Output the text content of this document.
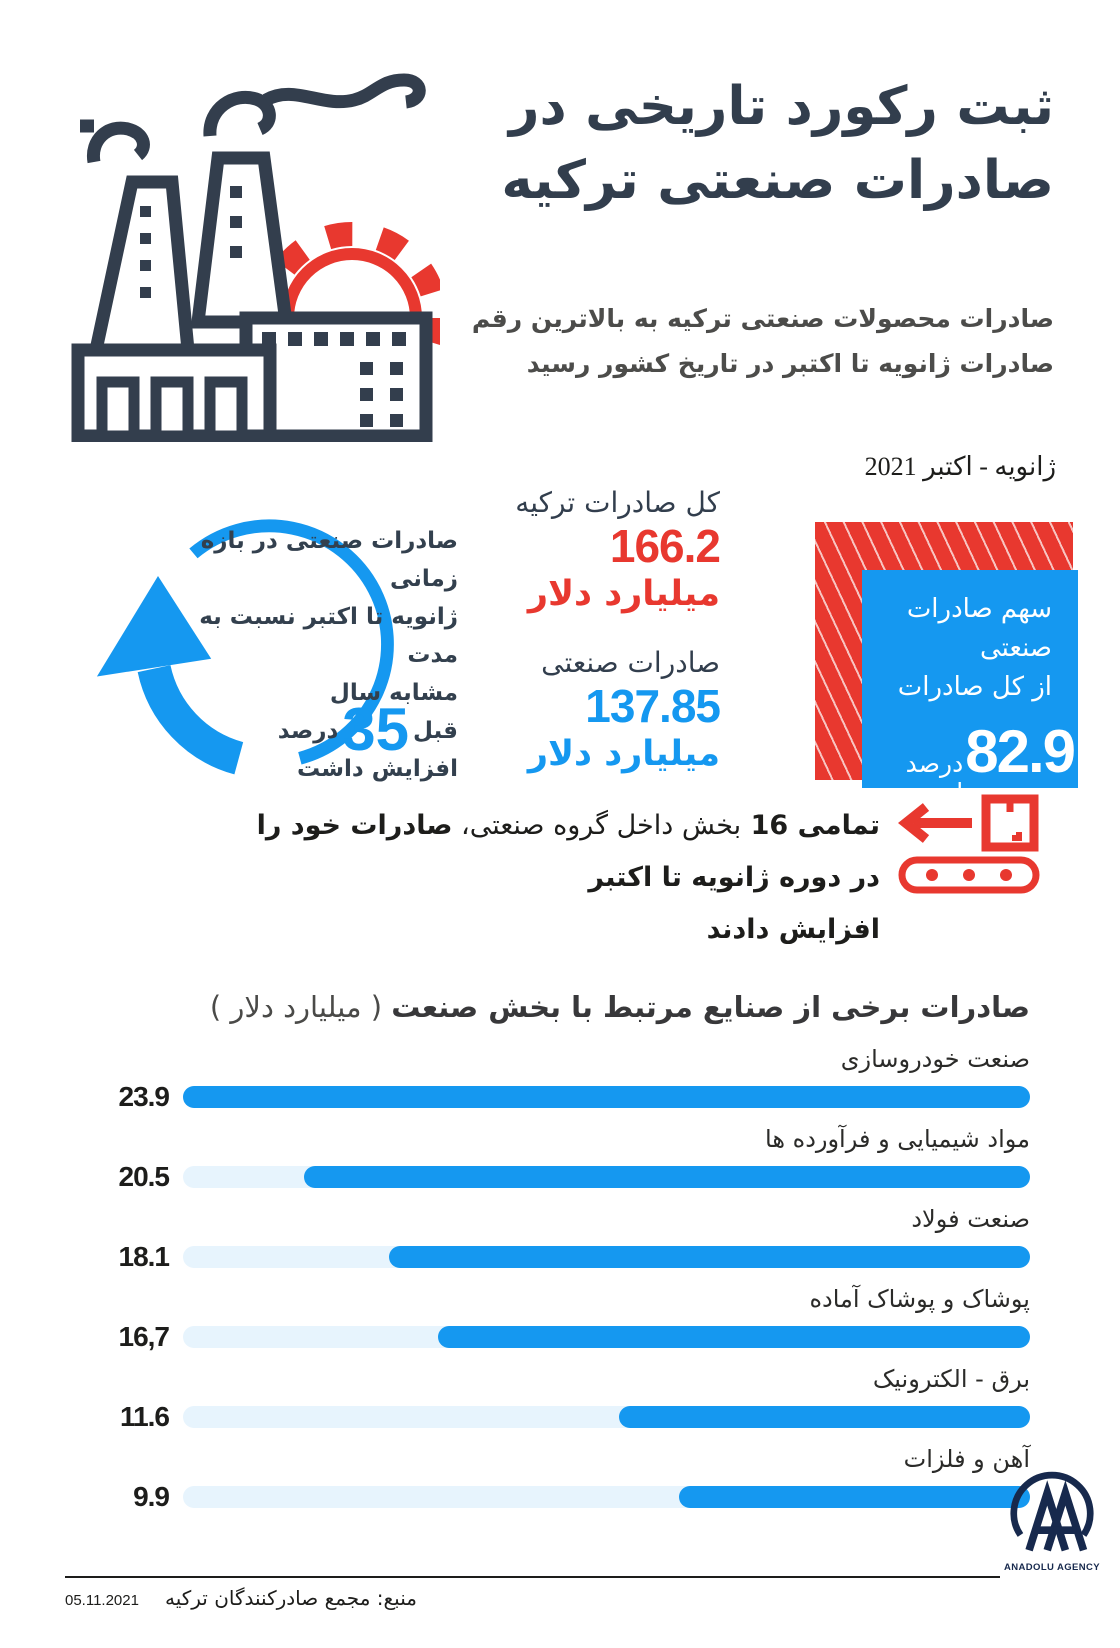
ثبت رکورد تاریخی در
صادرات صنعتی ترکیه
صادرات محصولات صنعتی ترکیه به بالاترین رقم
صادرات ژانویه تا اکتبر در تاریخ کشور رسید
ژانویه - اکتبر 2021
سهم صادرات صنعتی
از کل صادرات
82.9
درصد است
کل صادرات ترکیه
166.2
میلیارد دلار
صادرات صنعتی
137.85
میلیارد دلار
صادرات صنعتی در بازه زمانی
ژانویه تا اکتبر نسبت به مدت
مشابه سال قبل35درصد
افزایش داشت
تمامی 16 بخش داخل گروه صنعتی، صادرات خود را در دوره ژانویه تا اکتبر
افزایش دادند
صادرات برخی از صنایع مرتبط با بخش صنعت ( میلیارد دلار )
صنعت خودروسازی
23.9
مواد شیمیایی و فرآورده ها
20.5
صنعت فولاد
18.1
پوشاک و پوشاک آماده
16,7
برق - الکترونیک
11.6
آهن و فلزات
9.9
05.11.2021 منبع: مجمع صادرکنندگان ترکیه
ANADOLU AGENCY
